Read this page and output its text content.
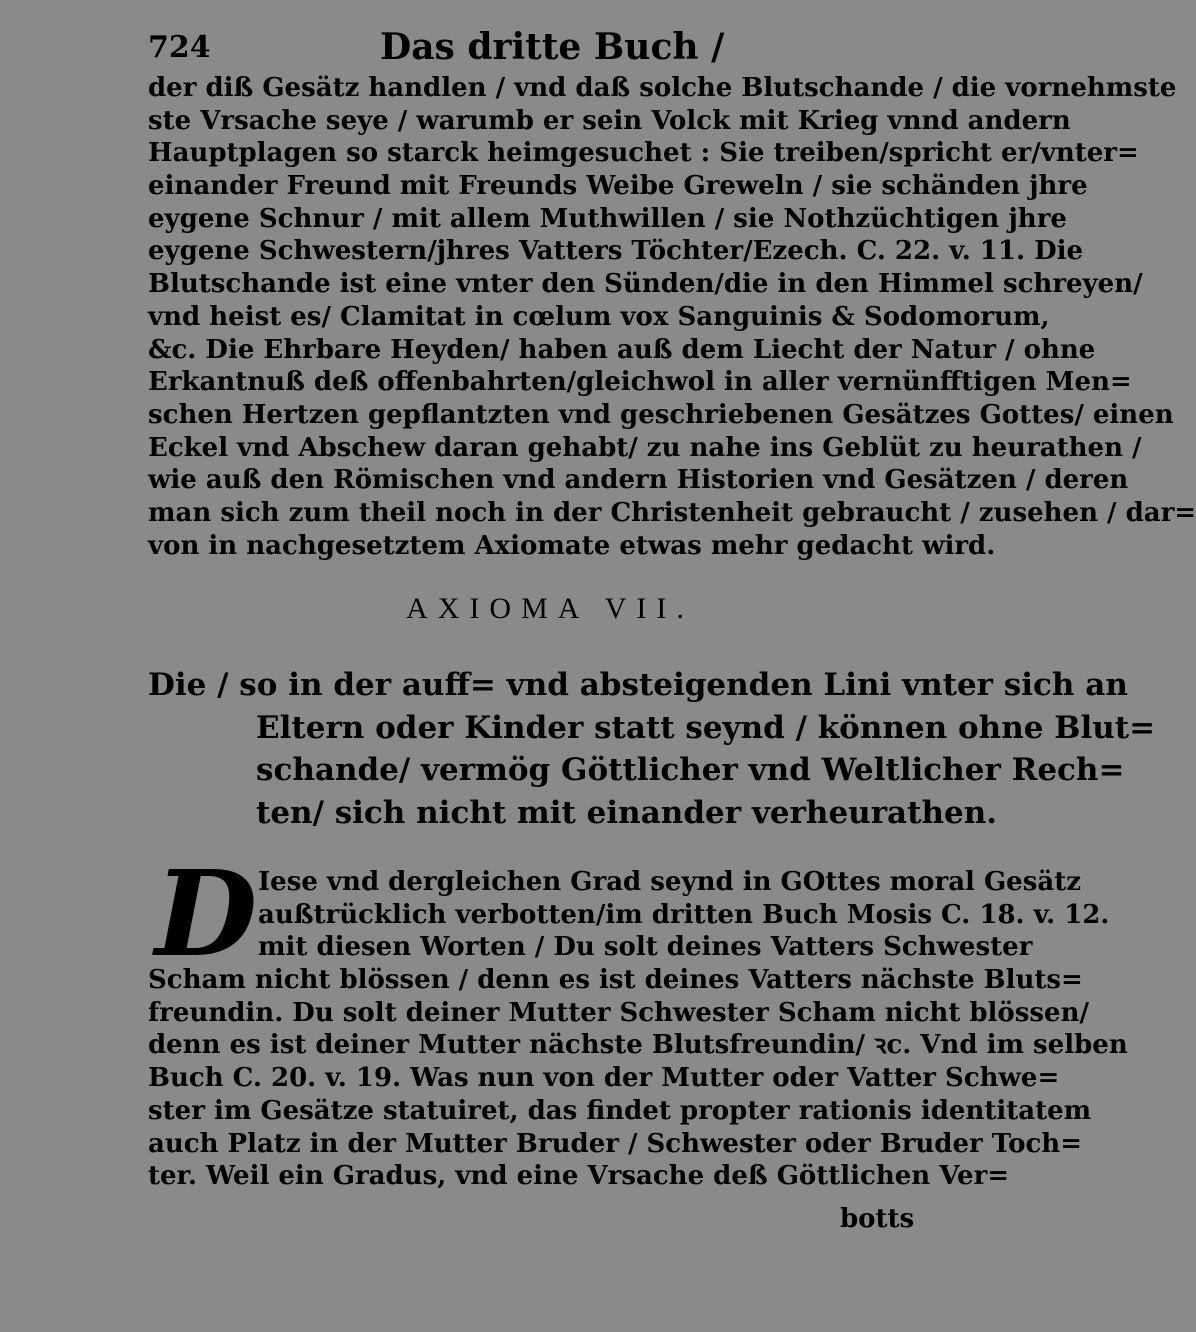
724	Das dritte Buch /
der diß Gesätz handlen / vnd daß solche Blutschande / die vornehmste
ste Vrsache seye / warumb er sein Volck mit Krieg vnnd andern
Hauptplagen so starck heimgesuchet : Sie treiben/spricht er/vnter=
einander Freund mit Freunds Weibe Greweln / sie schänden jhre
eygene Schnur / mit allem Muthwillen / sie Nothzüchtigen jhre
eygene Schwestern/jhres Vatters Töchter/Ezech. C. 22. v. 11. Die
Blutschande ist eine vnter den Sünden/die in den Himmel schreyen/
vnd heist es/ Clamitat in cœlum vox Sanguinis & Sodomorum,
&c. Die Ehrbare Heyden/ haben auß dem Liecht der Natur / ohne
Erkantnuß deß offenbahrten/gleichwol in aller vernünfftigen Men=
schen Hertzen gepflantzten vnd geschriebenen Gesätzes Gottes/ einen
Eckel vnd Abschew daran gehabt/ zu nahe ins Geblüt zu heurathen /
wie auß den Römischen vnd andern Historien vnd Gesätzen / deren
man sich zum theil noch in der Christenheit gebraucht / zusehen / dar=
von in nachgesetztem Axiomate etwas mehr gedacht wird.
AXIOMA VII.
Die / so in der auff= vnd absteigenden Lini vnter sich an
Eltern oder Kinder statt seynd / können ohne Blut=
schande/ vermög Göttlicher vnd Weltlicher Rech=
ten/ sich nicht mit einander verheurathen.
D Iese vnd dergleichen Grad seynd in GOttes moral Gesätz
außtrücklich verbotten/im dritten Buch Mosis C. 18. v. 12.
mit diesen Worten / Du solt deines Vatters Schwester
Scham nicht blössen / denn es ist deines Vatters nächste Bluts=
freundin. Du solt deiner Mutter Schwester Scham nicht blössen/
denn es ist deiner Mutter nächste Blutsfreundin/ ꝛc. Vnd im selben
Buch C. 20. v. 19. Was nun von der Mutter oder Vatter Schwe=
ster im Gesätze statuiret, das findet propter rationis identitatem
auch Platz in der Mutter Bruder / Schwester oder Bruder Toch=
ter. Weil ein Gradus, vnd eine Vrsache deß Göttlichen Ver=
botts
